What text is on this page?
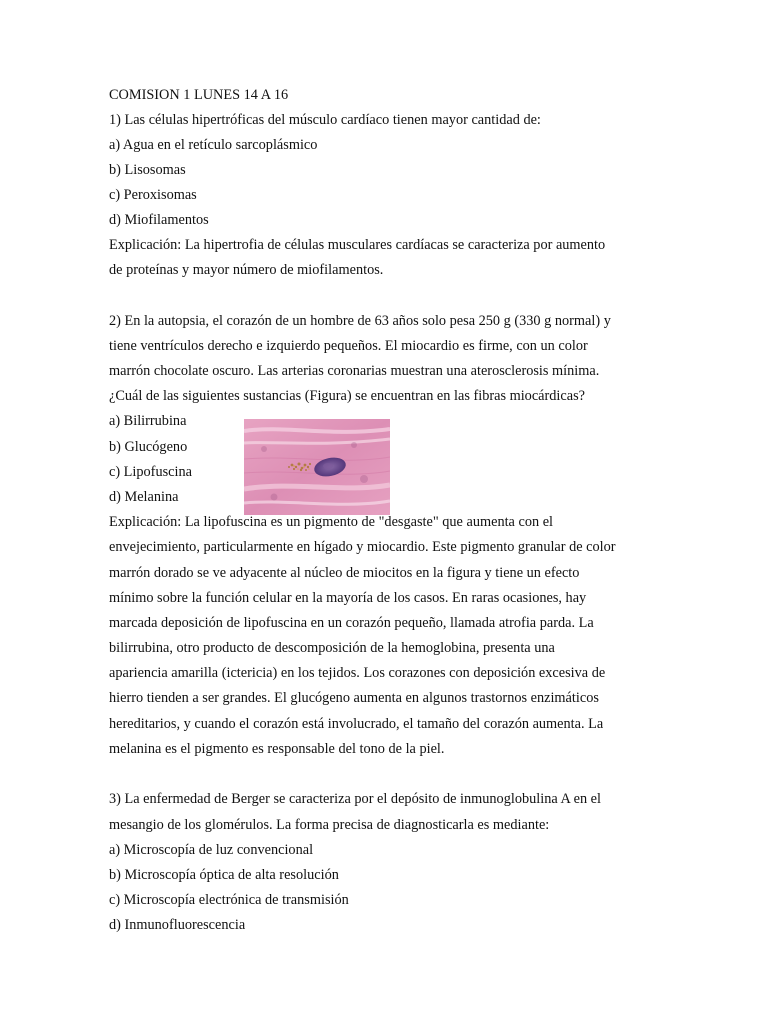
COMISION 1 LUNES 14 A 16
1) Las células hipertróficas del músculo cardíaco tienen mayor cantidad de:
a) Agua en el retículo sarcoplásmico
b) Lisosomas
c) Peroxisomas
d) Miofilamentos
Explicación: La hipertrofia de células musculares cardíacas se caracteriza por aumento
de proteínas y mayor número de miofilamentos.
2) En la autopsia, el corazón de un hombre de 63 años solo pesa 250 g (330 g normal) y
tiene ventrículos derecho e izquierdo pequeños. El miocardio es firme, con un color
marrón chocolate oscuro. Las arterias coronarias muestran una aterosclerosis mínima.
¿Cuál de las siguientes sustancias (Figura) se encuentran en las fibras miocárdicas?
a) Bilirrubina
b) Glucógeno
c) Lipofuscina
d) Melanina
Explicación: La lipofuscina es un pigmento de "desgaste" que aumenta con el
envejecimiento, particularmente en hígado y miocardio. Este pigmento granular de color
marrón dorado se ve adyacente al núcleo de miocitos en la figura y tiene un efecto
mínimo sobre la función celular en la mayoría de los casos. En raras ocasiones, hay
marcada deposición de lipofuscina en un corazón pequeño, llamada atrofia parda. La
bilirrubina, otro producto de descomposición de la hemoglobina, presenta una
apariencia amarilla (ictericia) en los tejidos. Los corazones con deposición excesiva de
hierro tienden a ser grandes. El glucógeno aumenta en algunos trastornos enzimáticos
hereditarios, y cuando el corazón está involucrado, el tamaño del corazón aumenta. La
melanina es el pigmento es responsable del tono de la piel.
3) La enfermedad de Berger se caracteriza por el depósito de inmunoglobulina A en el
mesangio de los glomérulos. La forma precisa de diagnosticarla es mediante:
a) Microscopía de luz convencional
b) Microscopía óptica de alta resolución
c) Microscopía electrónica de transmisión
d) Inmunofluorescencia
